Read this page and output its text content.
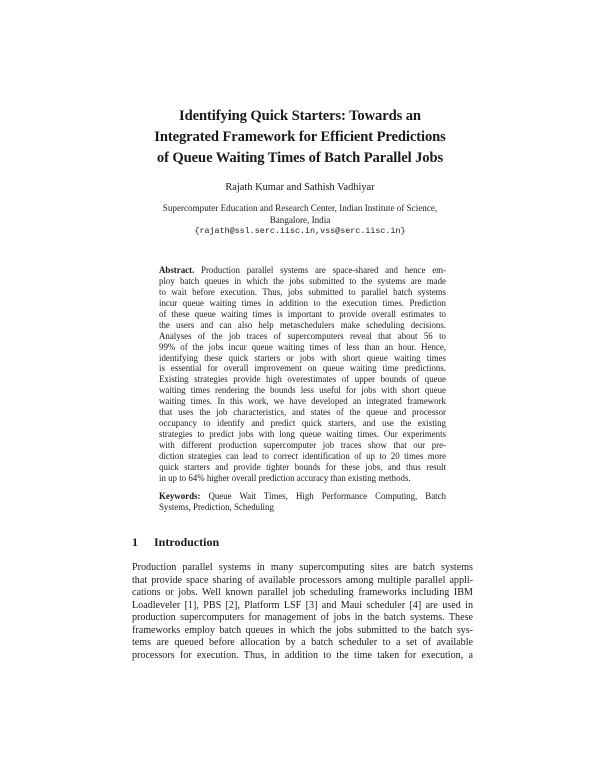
Identifying Quick Starters: Towards an
Integrated Framework for Efficient Predictions
of Queue Waiting Times of Batch Parallel Jobs
Rajath Kumar and Sathish Vadhiyar
Supercomputer Education and Research Center, Indian Institute of Science,
Bangalore, India
{rajath@ssl.serc.iisc.in,vss@serc.iisc.in}
Abstract. Production parallel systems are space-shared and hence em-
ploy batch queues in which the jobs submitted to the systems are made
to wait before execution. Thus, jobs submitted to parallel batch systems
incur queue waiting times in addition to the execution times. Prediction
of these queue waiting times is important to provide overall estimates to
the users and can also help metaschedulers make scheduling decisions.
Analyses of the job traces of supercomputers reveal that about 56 to
99% of the jobs incur queue waiting times of less than an hour. Hence,
identifying these quick starters or jobs with short queue waiting times
is essential for overall improvement on queue waiting time predictions.
Existing strategies provide high overestimates of upper bounds of queue
waiting times rendering the bounds less useful for jobs with short queue
waiting times. In this work, we have developed an integrated framework
that uses the job characteristics, and states of the queue and processor
occupancy to identify and predict quick starters, and use the existing
strategies to predict jobs with long queue waiting times. Our experiments
with different production supercomputer job traces show that our pre-
diction strategies can lead to correct identification of up to 20 times more
quick starters and provide tighter bounds for these jobs, and thus result
in up to 64% higher overall prediction accuracy than existing methods.
Keywords: Queue Wait Times, High Performance Computing, Batch
Systems, Prediction, Scheduling
1 Introduction
Production parallel systems in many supercomputing sites are batch systems
that provide space sharing of available processors among multiple parallel appli-
cations or jobs. Well known parallel job scheduling frameworks including IBM
Loadleveler [1], PBS [2], Platform LSF [3] and Maui scheduler [4] are used in
production supercomputers for management of jobs in the batch systems. These
frameworks employ batch queues in which the jobs submitted to the batch sys-
tems are queued before allocation by a batch scheduler to a set of available
processors for execution. Thus, in addition to the time taken for execution, a
